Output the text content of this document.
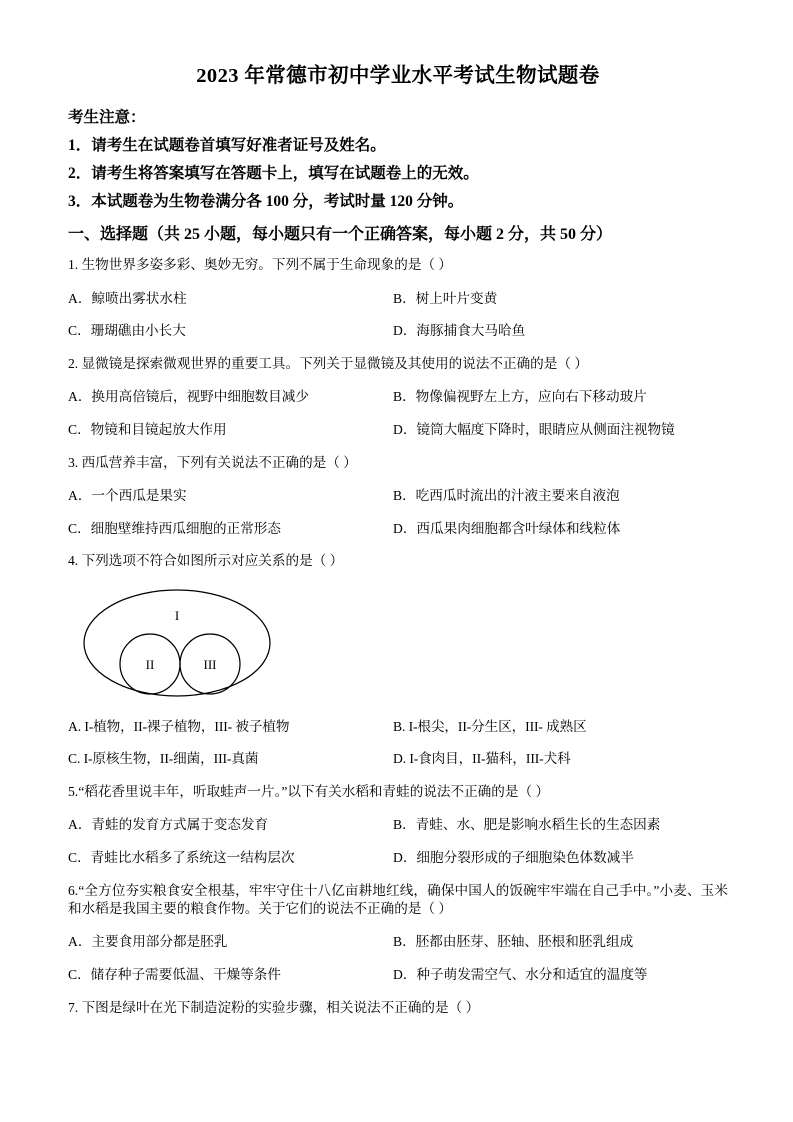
2023 年常德市初中学业水平考试生物试题卷
考生注意：
1．请考生在试题卷首填写好准者证号及姓名。
2．请考生将答案填写在答题卡上，填写在试题卷上的无效。
3．本试题卷为生物卷满分各 100 分，考试时量 120 分钟。
一、选择题（共 25 小题，每小题只有一个正确答案，每小题 2 分，共 50 分）
1. 生物世界多姿多彩、奥妙无穷。下列不属于生命现象的是（ ）
A．鲸喷出雾状水柱	B．树上叶片变黄
C．珊瑚礁由小长大	D．海豚捕食大马哈鱼
2. 显微镜是探索微观世界的重要工具。下列关于显微镜及其使用的说法不正确的是（ ）
A．换用高倍镜后，视野中细胞数目减少	B．物像偏视野左上方，应向右下移动玻片
C．物镜和目镜起放大作用	D．镜筒大幅度下降时，眼睛应从侧面注视物镜
3. 西瓜营养丰富，下列有关说法不正确的是（ ）
A．一个西瓜是果实	B．吃西瓜时流出的汁液主要来自液泡
C．细胞壁维持西瓜细胞的正常形态	D．西瓜果肉细胞都含叶绿体和线粒体
4. 下列选项不符合如图所示对应关系的是（ ）
I
II	III
A. I-植物，II-裸子植物，III- 被子植物	B. I-根尖，II-分生区，III- 成熟区
C. I-原核生物，II-细菌，III-真菌	D. I-食肉目，II-猫科，III-犬科
5.“稻花香里说丰年，听取蛙声一片。”以下有关水稻和青蛙的说法不正确的是（ ）
A．青蛙的发育方式属于变态发育	B．青蛙、水、肥是影响水稻生长的生态因素
C．青蛙比水稻多了系统这一结构层次	D．细胞分裂形成的子细胞染色体数减半
6.“全方位夯实粮食安全根基，牢牢守住十八亿亩耕地红线，确保中国人的饭碗牢牢端在自己手中。”小麦、玉米和水稻是我国主要的粮食作物。关于它们的说法不正确的是（ ）
A．主要食用部分都是胚乳	B．胚都由胚芽、胚轴、胚根和胚乳组成
C．储存种子需要低温、干燥等条件	D．种子萌发需空气、水分和适宜的温度等
7. 下图是绿叶在光下制造淀粉的实验步骤，相关说法不正确的是（ ）
